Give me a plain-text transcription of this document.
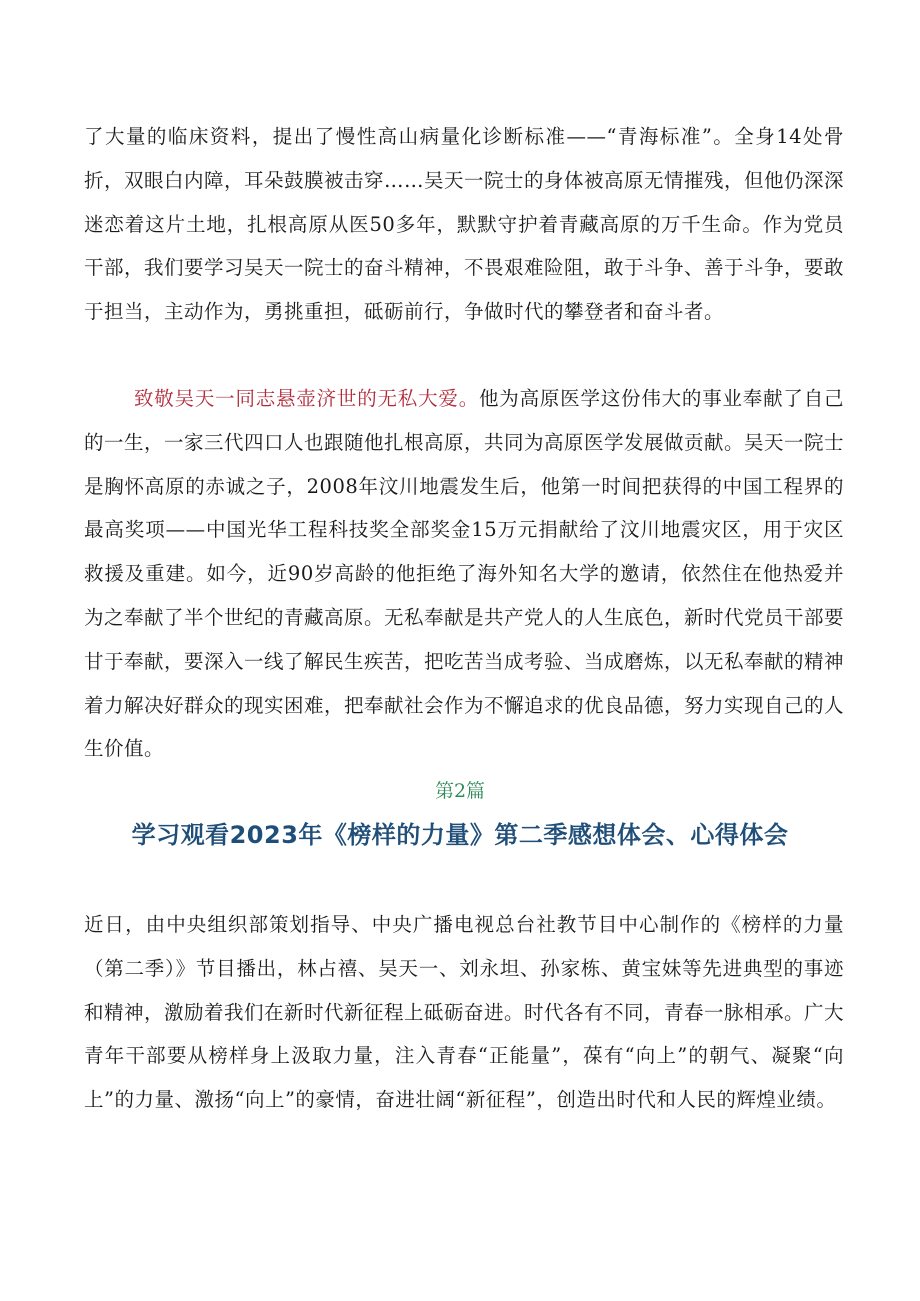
了大量的临床资料，提出了慢性高山病量化诊断标准——“青海标准”。全身14处骨折，双眼白内障，耳朵鼓膜被击穿……吴天一院士的身体被高原无情摧残，但他仍深深迷恋着这片土地，扎根高原从医50多年，默默守护着青藏高原的万千生命。作为党员干部，我们要学习吴天一院士的奋斗精神，不畏艰难险阻，敢于斗争、善于斗争，要敢于担当，主动作为，勇挑重担，砥砺前行，争做时代的攀登者和奋斗者。

致敬吴天一同志悬壶济世的无私大爱。他为高原医学这份伟大的事业奉献了自己的一生，一家三代四口人也跟随他扎根高原，共同为高原医学发展做贡献。吴天一院士是胸怀高原的赤诚之子，2008年汶川地震发生后，他第一时间把获得的中国工程界的最高奖项——中国光华工程科技奖全部奖金15万元捐献给了汶川地震灾区，用于灾区救援及重建。如今，近90岁高龄的他拒绝了海外知名大学的邀请，依然住在他热爱并为之奉献了半个世纪的青藏高原。无私奉献是共产党人的人生底色，新时代党员干部要甘于奉献，要深入一线了解民生疾苦，把吃苦当成考验、当成磨炼，以无私奉献的精神着力解决好群众的现实困难，把奉献社会作为不懈追求的优良品德，努力实现自己的人生价值。

第2篇
学习观看2023年《榜样的力量》第二季感想体会、心得体会

近日，由中央组织部策划指导、中央广播电视总台社教节目中心制作的《榜样的力量（第二季）》节目播出，林占禧、吴天一、刘永坦、孙家栋、黄宝妹等先进典型的事迹和精神，激励着我们在新时代新征程上砥砺奋进。时代各有不同，青春一脉相承。广大青年干部要从榜样身上汲取力量，注入青春“正能量”，葆有“向上”的朝气、凝聚“向上”的力量、激扬“向上”的豪情，奋进壮阔“新征程”，创造出时代和人民的辉煌业绩。
